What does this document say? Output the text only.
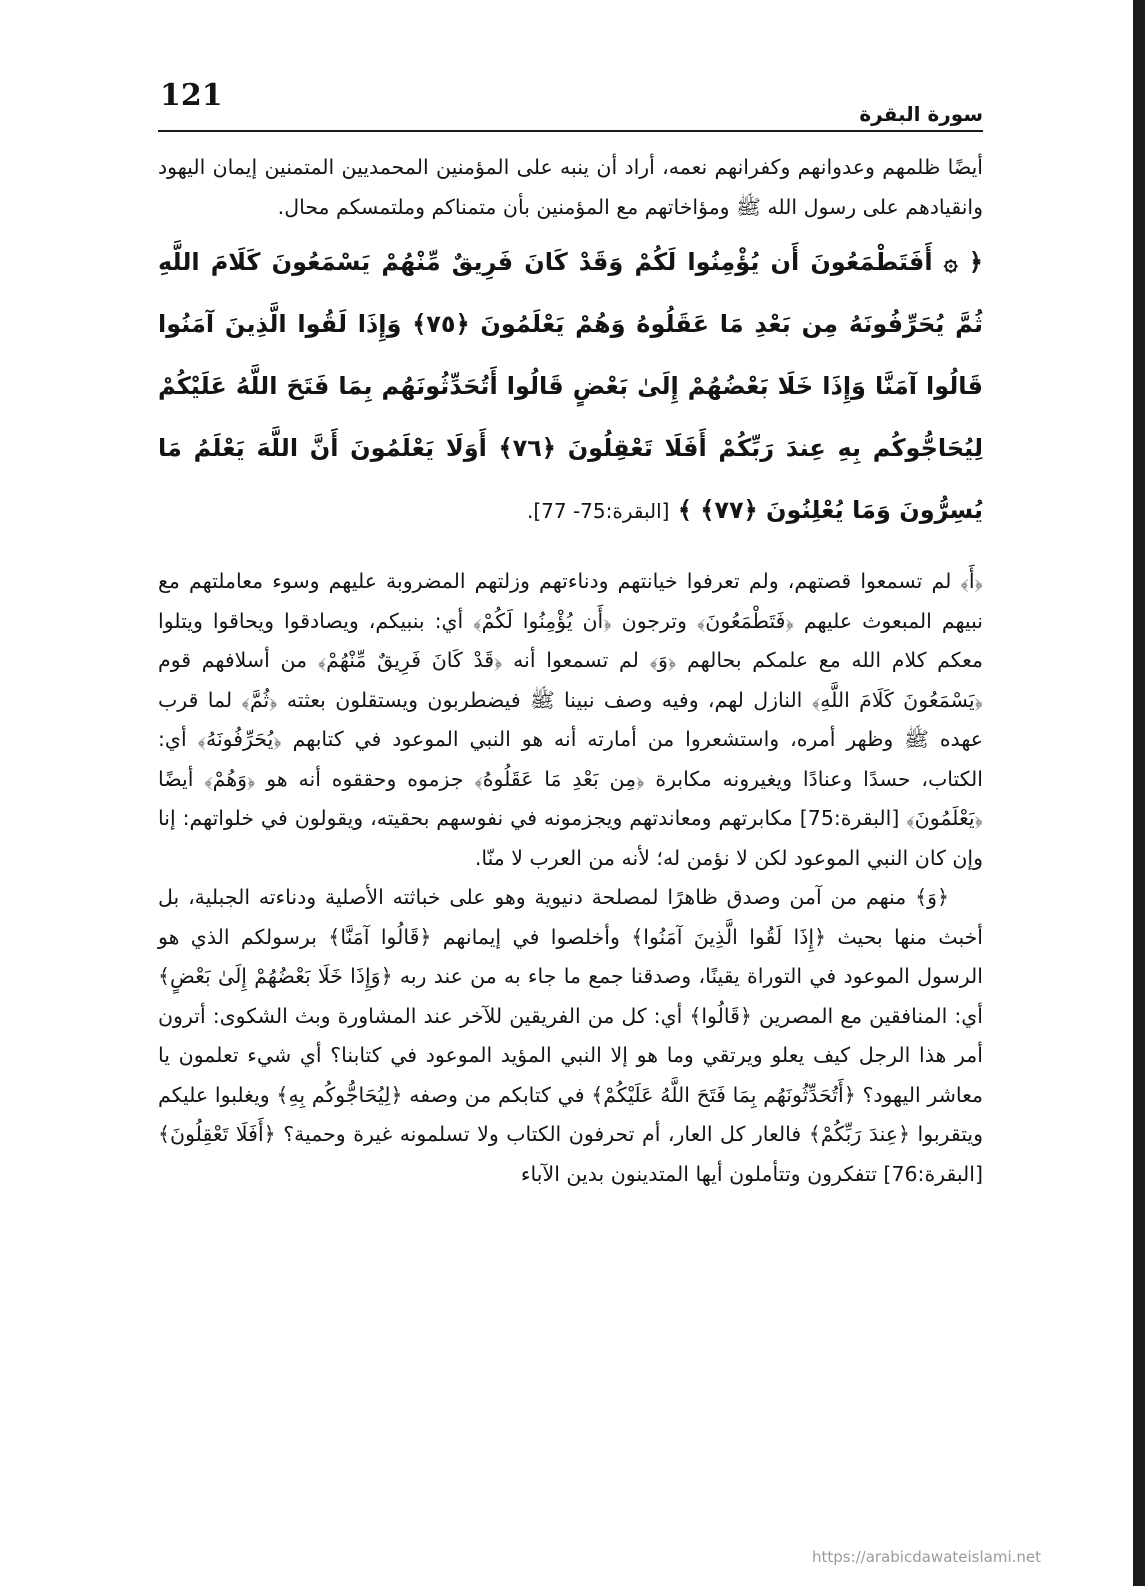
121
سورة البقرة

أيضًا ظلمهم وعدوانهم وكفرانهم نعمه، أراد أن ينبه على المؤمنين المحمديين المتمنين إيمان اليهود وانقيادهم على رسول الله ﷺ ومؤاخاتهم مع المؤمنين بأن متمناكم وملتمسكم محال.

﴿ ۞ أَفَتَطْمَعُونَ أَن يُؤْمِنُوا لَكُمْ وَقَدْ كَانَ فَرِيقٌ مِّنْهُمْ يَسْمَعُونَ كَلَامَ اللَّهِ ثُمَّ يُحَرِّفُونَهُ مِن بَعْدِ مَا عَقَلُوهُ وَهُمْ يَعْلَمُونَ ﴿٧٥﴾ وَإِذَا لَقُوا الَّذِينَ آمَنُوا قَالُوا آمَنَّا وَإِذَا خَلَا بَعْضُهُمْ إِلَىٰ بَعْضٍ قَالُوا أَتُحَدِّثُونَهُم بِمَا فَتَحَ اللَّهُ عَلَيْكُمْ لِيُحَاجُّوكُم بِهِ عِندَ رَبِّكُمْ أَفَلَا تَعْقِلُونَ ﴿٧٦﴾ أَوَلَا يَعْلَمُونَ أَنَّ اللَّهَ يَعْلَمُ مَا يُسِرُّونَ وَمَا يُعْلِنُونَ ﴿٧٧﴾ ﴾ [البقرة:75- 77].

﴿أَ﴾ لم تسمعوا قصتهم، ولم تعرفوا خيانتهم ودناءتهم وزلتهم المضروبة عليهم وسوء معاملتهم مع نبيهم المبعوث عليهم ﴿فَتَطْمَعُونَ﴾ وترجون ﴿أَن يُؤْمِنُوا لَكُمْ﴾ أي: بنبيكم، ويصادقوا ويحاقوا ويتلوا معكم كلام الله مع علمكم بحالهم ﴿وَ﴾ لم تسمعوا أنه ﴿قَدْ كَانَ فَرِيقٌ مِّنْهُمْ﴾ من أسلافهم قوم ﴿يَسْمَعُونَ كَلَامَ اللَّهِ﴾ النازل لهم، وفيه وصف نبينا ﷺ فيضطربون ويستقلون بعثته ﴿ثُمَّ﴾ لما قرب عهده ﷺ وظهر أمره، واستشعروا من أمارته أنه هو النبي الموعود في كتابهم ﴿يُحَرِّفُونَهُ﴾ أي: الكتاب، حسدًا وعنادًا ويغيرونه مكابرة ﴿مِن بَعْدِ مَا عَقَلُوهُ﴾ جزموه وحققوه أنه هو ﴿وَهُمْ﴾ أيضًا ﴿يَعْلَمُونَ﴾ [البقرة:75] مكابرتهم ومعاندتهم ويجزمونه في نفوسهم بحقيته، ويقولون في خلواتهم: إنا وإن كان النبي الموعود لكن لا نؤمن له؛ لأنه من العرب لا منّا.

﴿وَ﴾ منهم من آمن وصدق ظاهرًا لمصلحة دنيوية وهو على خباثته الأصلية ودناءته الجبلية، بل أخبث منها بحيث ﴿إِذَا لَقُوا الَّذِينَ آمَنُوا﴾ وأخلصوا في إيمانهم ﴿قَالُوا آمَنَّا﴾ برسولكم الذي هو الرسول الموعود في التوراة يقينًا، وصدقنا جمع ما جاء به من عند ربه ﴿وَإِذَا خَلَا بَعْضُهُمْ إِلَىٰ بَعْضٍ﴾ أي: المنافقين مع المصرين ﴿قَالُوا﴾ أي: كل من الفريقين للآخر عند المشاورة وبث الشكوى: أترون أمر هذا الرجل كيف يعلو ويرتقي وما هو إلا النبي المؤيد الموعود في كتابنا؟ أي شيء تعلمون يا معاشر اليهود؟ ﴿أَتُحَدِّثُونَهُم بِمَا فَتَحَ اللَّهُ عَلَيْكُمْ﴾ في كتابكم من وصفه ﴿لِيُحَاجُّوكُم بِهِ﴾ ويغلبوا عليكم ويتقربوا ﴿عِندَ رَبِّكُمْ﴾ فالعار كل العار، أم تحرفون الكتاب ولا تسلمونه غيرة وحمية؟ ﴿أَفَلَا تَعْقِلُونَ﴾ [البقرة:76] تتفكرون وتتأملون أيها المتدينون بدين الآباء

https://arabicdawateislami.net
